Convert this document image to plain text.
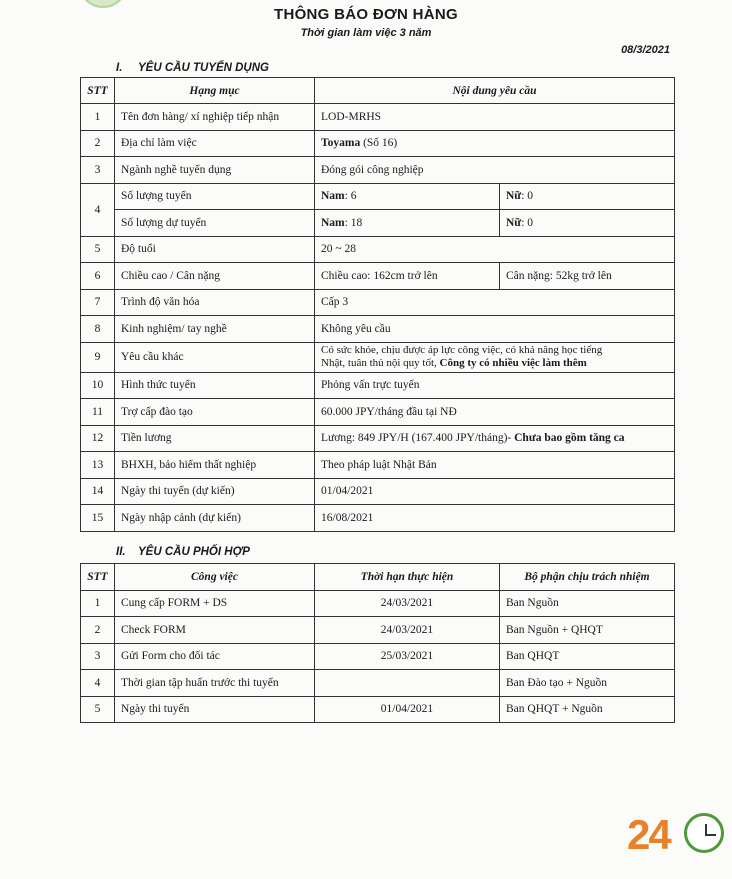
THÔNG BÁO ĐƠN HÀNG
Thời gian làm việc 3 năm
08/3/2021
I. YÊU CẦU TUYỂN DỤNG
STT	Hạng mục	Nội dung yêu cầu	
1	Tên đơn hàng/ xí nghiệp tiếp nhận	LOD-MRHS	
2	Địa chỉ làm việc	Toyama (Số 16)	
3	Ngành nghề tuyển dụng	Đóng gói công nghiệp	
4	Số lượng tuyển	Nam: 6	Nữ: 0
	Số lượng dự tuyển	Nam: 18	Nữ: 0
5	Độ tuổi	20 ~ 28	
6	Chiều cao / Cân nặng	Chiều cao: 162cm trở lên	Cân nặng: 52kg trở lên
7	Trình độ văn hóa	Cấp 3	
8	Kinh nghiệm/ tay nghề	Không yêu cầu	
9	Yêu cầu khác	Có sức khỏe, chịu được áp lực công việc, có khả năng học tiếng
Nhật, tuân thủ nội quy tốt, Công ty có nhiều việc làm thêm	
10	Hình thức tuyển	Phỏng vấn trực tuyến	
11	Trợ cấp đào tạo	60.000 JPY/tháng đầu tại NĐ	
12	Tiền lương	Lương: 849 JPY/H (167.400 JPY/tháng)- Chưa bao gồm tăng ca	
13	BHXH, bảo hiểm thất nghiệp	Theo pháp luật Nhật Bản	
14	Ngày thi tuyển (dự kiến)	01/04/2021	
15	Ngày nhập cảnh (dự kiến)	16/08/2021	
II. YÊU CẦU PHỐI HỢP
STT	Công việc	Thời hạn thực hiện	Bộ phận chịu trách nhiệm
1	Cung cấp FORM + DS	24/03/2021	Ban Nguồn
2	Check FORM	24/03/2021	Ban Nguồn + QHQT
3	Gửi Form cho đối tác	25/03/2021	Ban QHQT
4	Thời gian tập huấn trước thi tuyển		Ban Đào tạo + Nguồn
5	Ngày thi tuyển	01/04/2021	Ban QHQT + Nguồn
24
